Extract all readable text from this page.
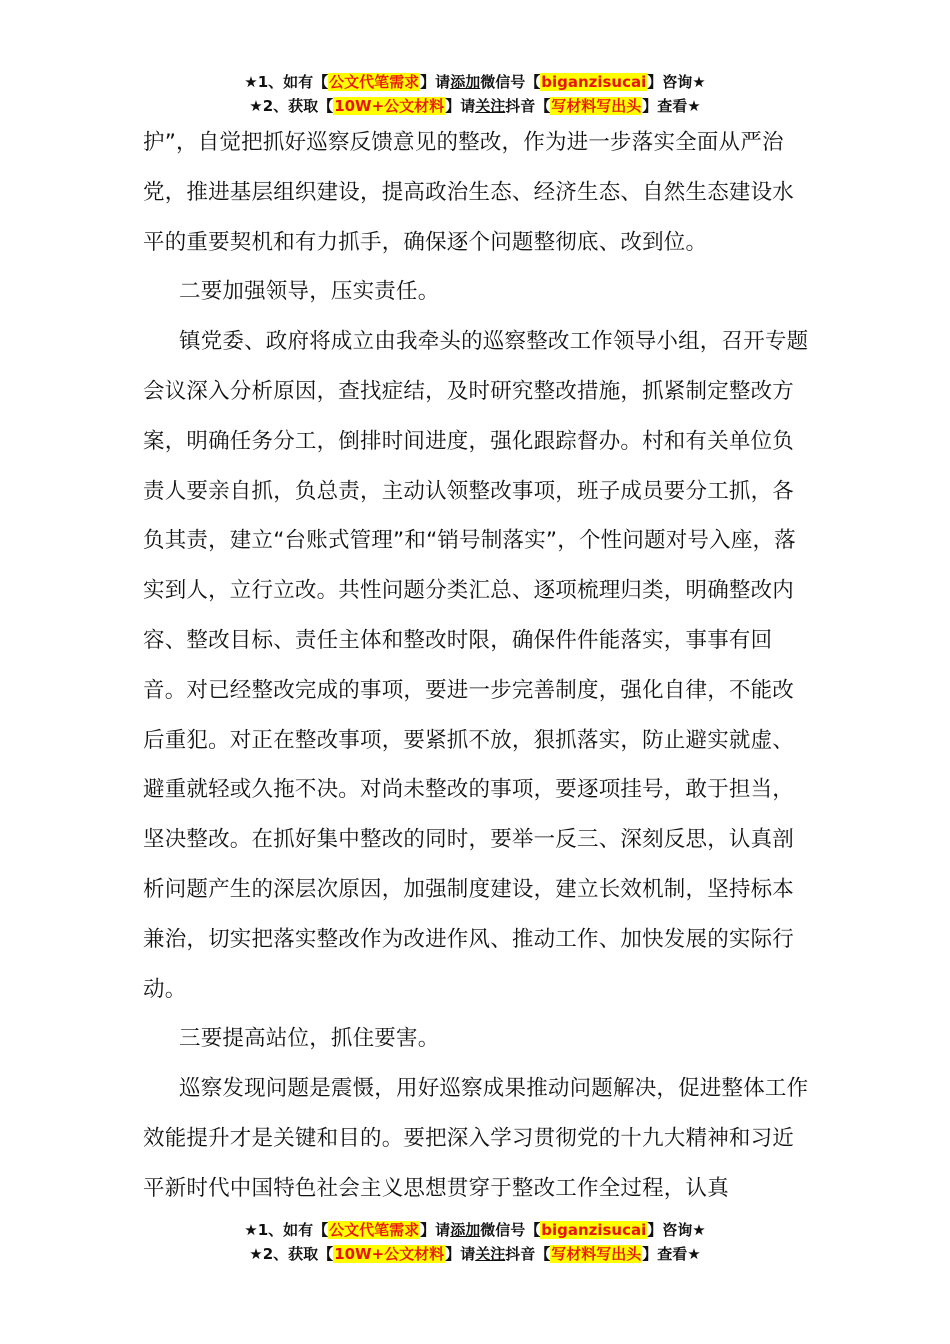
★1、如有【公文代笔需求】请添加微信号【biganzisucai】咨询★
★2、获取【10W+公文材料】请关注抖音【写材料写出头】查看★

护”，自觉把抓好巡察反馈意见的整改，作为进一步落实全面从严治党，推进基层组织建设，提高政治生态、经济生态、自然生态建设水平的重要契机和有力抓手，确保逐个问题整彻底、改到位。

二要加强领导，压实责任。

镇党委、政府将成立由我牵头的巡察整改工作领导小组，召开专题会议深入分析原因，查找症结，及时研究整改措施，抓紧制定整改方案，明确任务分工，倒排时间进度，强化跟踪督办。村和有关单位负责人要亲自抓，负总责，主动认领整改事项，班子成员要分工抓，各负其责，建立“台账式管理”和“销号制落实”，个性问题对号入座，落实到人，立行立改。共性问题分类汇总、逐项梳理归类，明确整改内容、整改目标、责任主体和整改时限，确保件件能落实，事事有回音。对已经整改完成的事项，要进一步完善制度，强化自律，不能改后重犯。对正在整改事项，要紧抓不放，狠抓落实，防止避实就虚、避重就轻或久拖不决。对尚未整改的事项，要逐项挂号，敢于担当，坚决整改。在抓好集中整改的同时，要举一反三、深刻反思，认真剖析问题产生的深层次原因，加强制度建设，建立长效机制，坚持标本兼治，切实把落实整改作为改进作风、推动工作、加快发展的实际行动。

三要提高站位，抓住要害。

巡察发现问题是震慑，用好巡察成果推动问题解决，促进整体工作效能提升才是关键和目的。要把深入学习贯彻党的十九大精神和习近平新时代中国特色社会主义思想贯穿于整改工作全过程，认真

★1、如有【公文代笔需求】请添加微信号【biganzisucai】咨询★
★2、获取【10W+公文材料】请关注抖音【写材料写出头】查看★
